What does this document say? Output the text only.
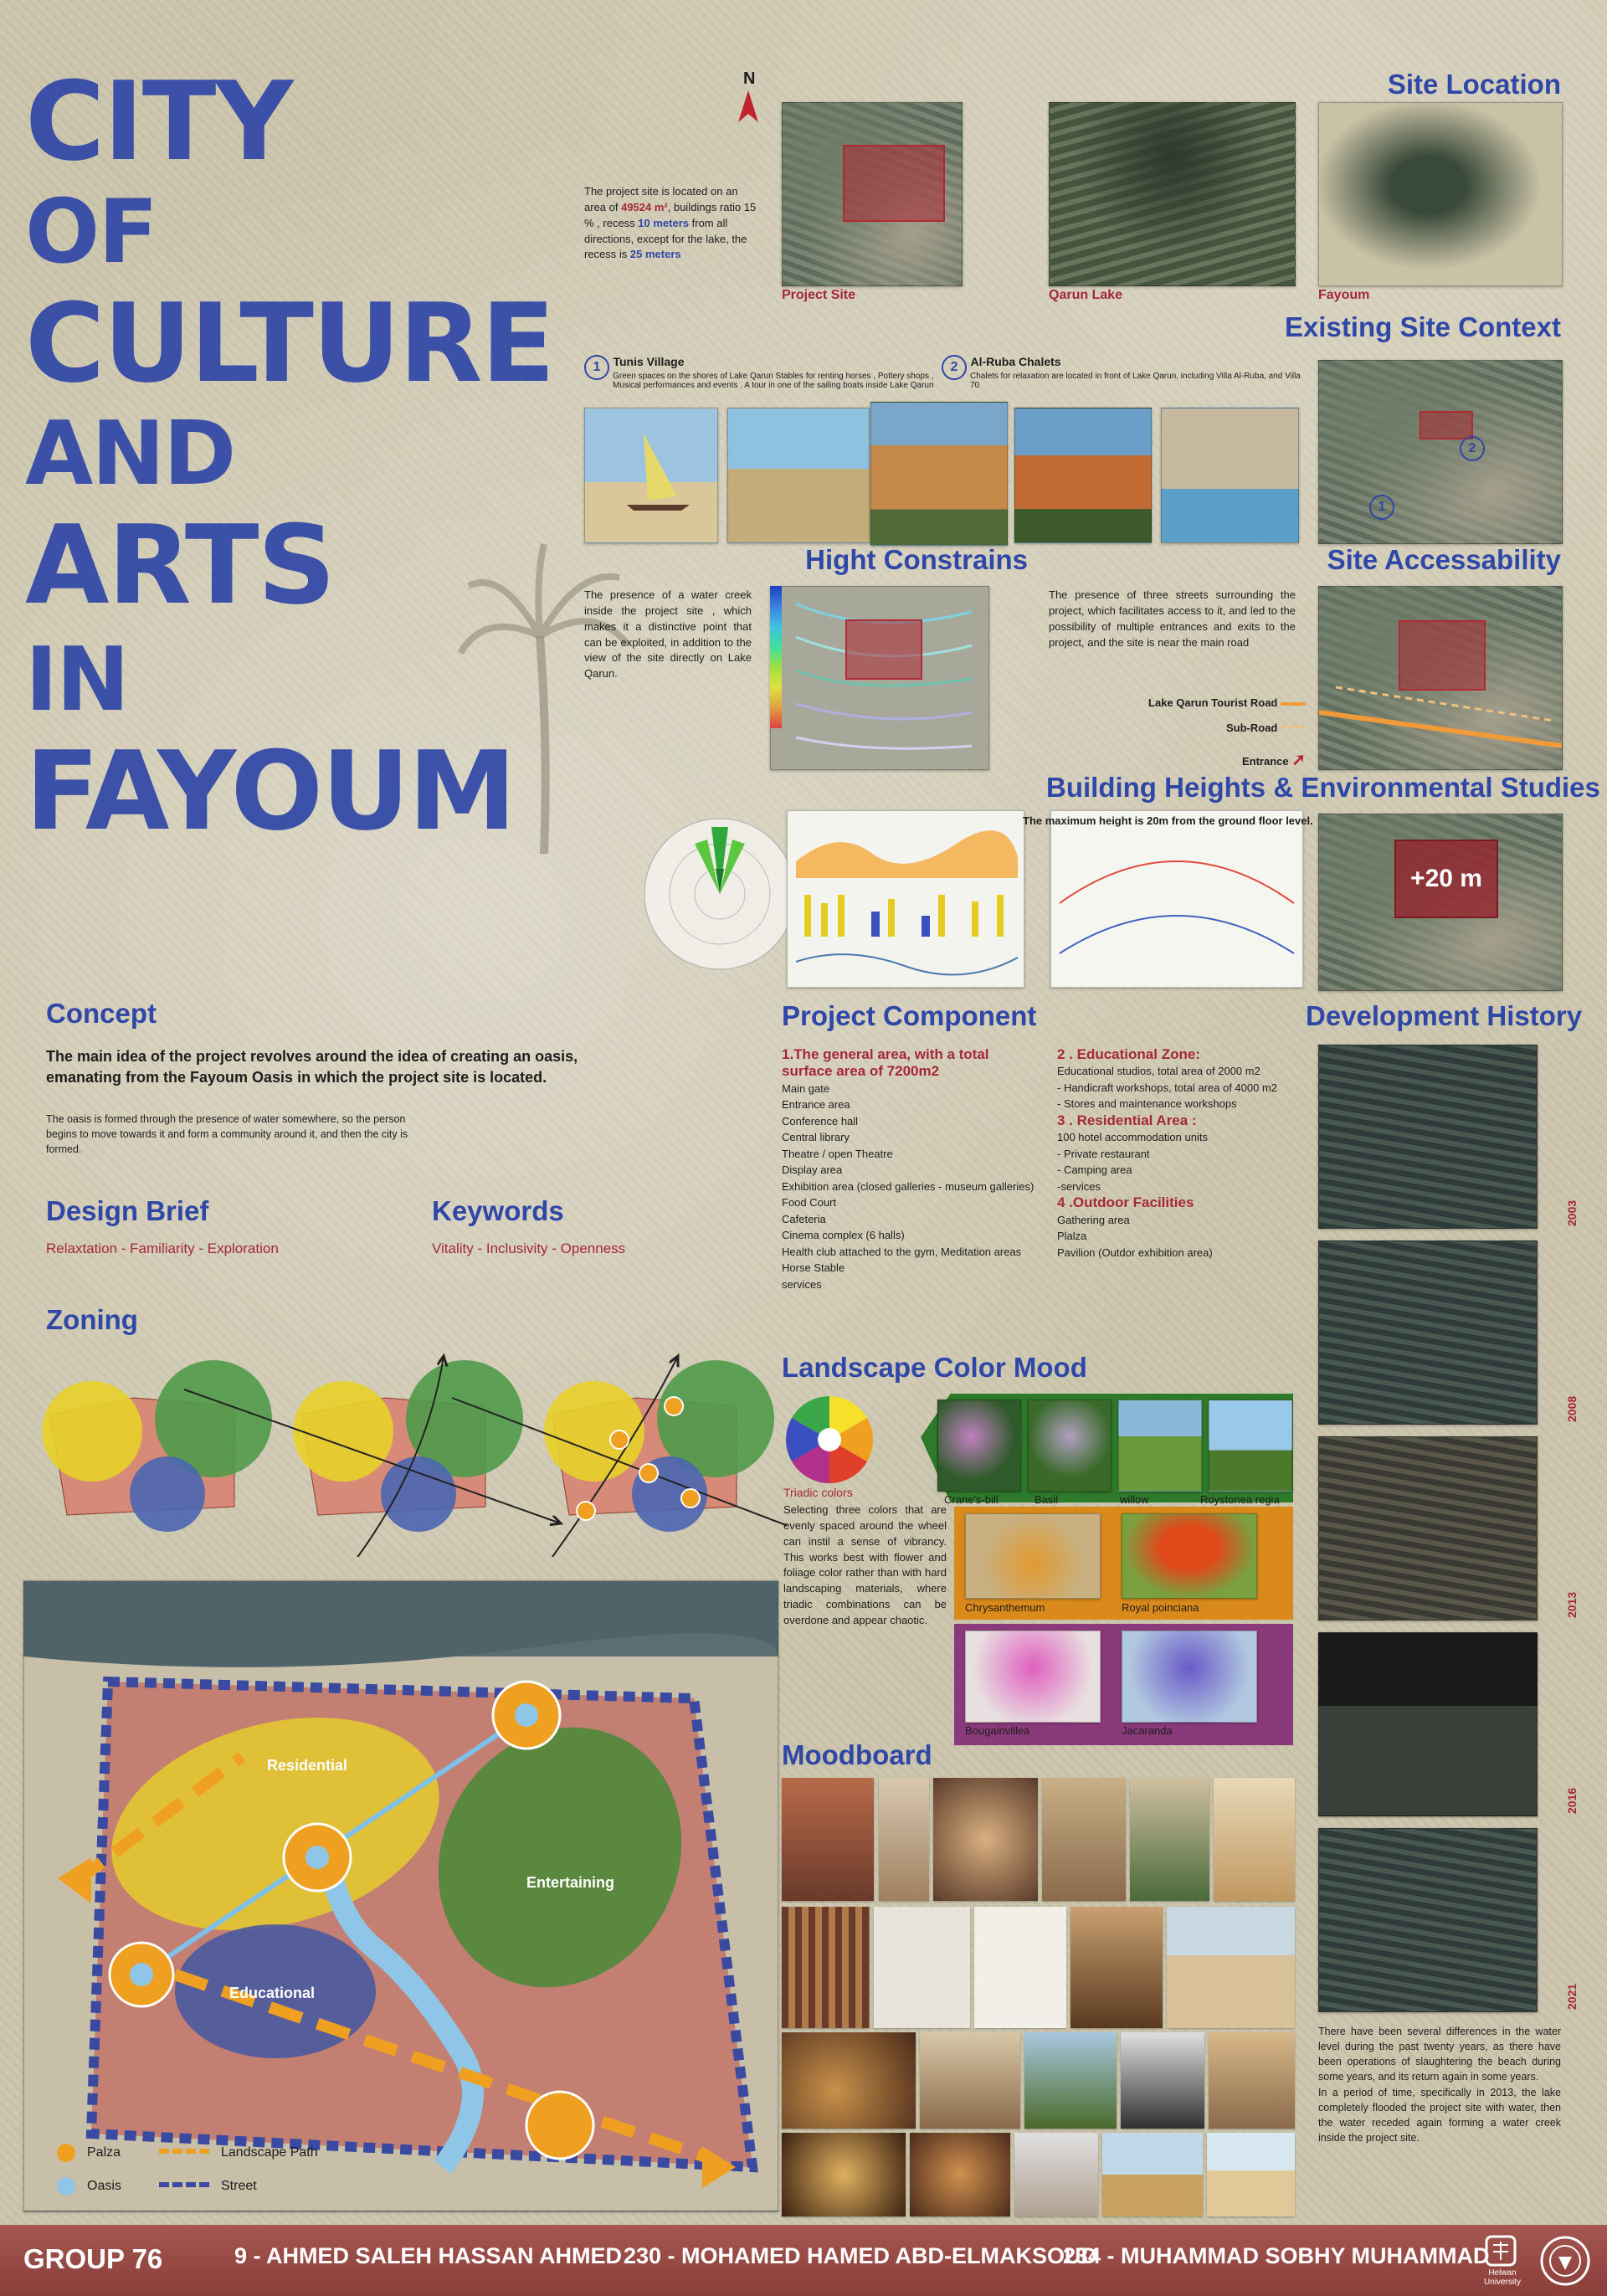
CITY
OF
CULTURE
AND
ARTS
IN
FAYOUM
Site Location
N
The project site is located on an area of 49524 m², buildings ratio 15 % , recess 10 meters from all directions, except for the lake, the recess is 25 meters
Project Site	Qarun Lake	Fayoum
Existing Site Context
1 Tunis Village
Green spaces on the shores of Lake Qarun Stables for renting horses , Pottery shops , Musical performances and events , A tour in one of the sailing boats inside Lake Qarun
2 Al-Ruba Chalets
Chalets for relaxation are located in front of Lake Qarun, including Villa Al-Ruba, and Villa 70
2
1
Hight Constrains
The presence of a water creek inside the project site , which makes it a distinctive point that can be exploited, in addition to the view of the site directly on Lake Qarun.
Site Accessability
The presence of three streets surrounding the project, which facilitates access to it, and led to the possibility of multiple entrances and exits to the project, and the site is near the main road
Lake Qarun Tourist Road
Sub-Road
Entrance ➚
Building Heights & Environmental Studies
The maximum height is 20m from the ground floor level.
+20 m
Concept
The main idea of the project revolves around the idea of creating an oasis, emanating from the Fayoum Oasis in which the project site is located.
The oasis is formed through the presence of water somewhere, so the person begins to move towards it and form a community around it, and then the city is formed.
Design Brief
Relaxtation - Familiarity - Exploration
Keywords
Vitality - Inclusivity - Openness
Zoning
Residential
Entertaining
Educational
Palza
Oasis
Landscape Path
Street
Project Component
1.The general area, with a total surface area of 7200m2
Main gate
Entrance area
Conference hall
Central library
Theatre / open Theatre
Display area
Exhibition area (closed galleries - museum galleries)
Food Court
Cafeteria
Cinema complex (6 halls)
Health club attached to the gym, Meditation areas
Horse Stable
services
2 . Educational Zone:
Educational studios, total area of 2000 m2
- Handicraft workshops, total area of 4000 m2
- Stores and maintenance workshops
3 . Residential Area :
100 hotel accommodation units
- Private restaurant
- Camping area
-services
4 .Outdoor Facilities
Gathering area
Plalza
Pavilion (Outdor exhibition area)
Landscape Color Mood
Triadic colors
Selecting three colors that are evenly spaced around the wheel can instil a sense of vibrancy. This works best with flower and foliage color rather than with hard landscaping materials, where triadic combinations can be overdone and appear chaotic.
Crane's-bill	Basil	willow	Roystonea regia
Chrysanthemum	Royal poinciana
Bougainvillea	Jacaranda
Moodboard
Development History
2003
2008
2013
2016
2021
There have been several differences in the water level during the past twenty years, as there have been operations of slaughtering the beach during some years, and its return again in some years.
In a period of time, specifically in 2013, the lake completely flooded the project site with water, then the water receded again forming a water creek inside the project site.
GROUP 76	9 - AHMED SALEH HASSAN AHMED 230 - MOHAMED HAMED ABD-ELMAKSOUD
234 - MUHAMMAD SOBHY MUHAMMAD
Helwan University
